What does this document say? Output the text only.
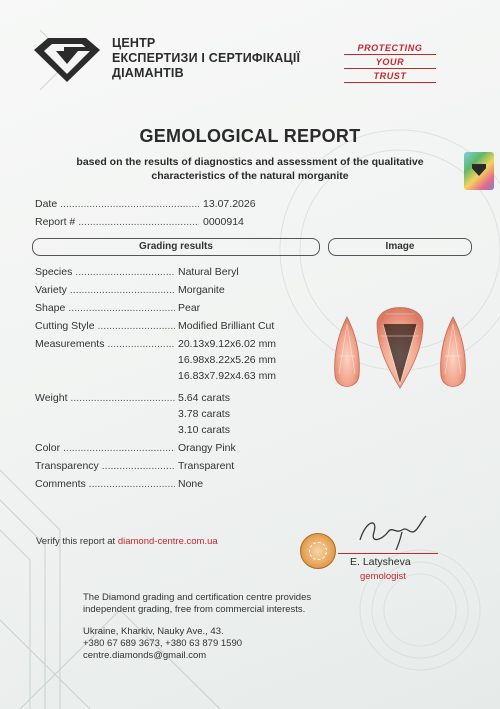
ЦЕНТР
ЕКСПЕРТИЗИ І СЕРТИФІКАЦІЇ
ДІАМАНТІВ
PROTECTING
YOUR
TRUST
GEMOLOGICAL REPORT
based on the results of diagnostics and assessment of the qualitative
characteristics of the natural morganite
Date .....	13.07.2026
Report # .....	0000914
Grading results	Image
Species .....	Natural Beryl
Variety .....	Morganite
Shape .....	Pear
Cutting Style .....	Modified Brilliant Cut
Measurements .....	20.13x9.12x6.02 mm
16.98x8.22x5.26 mm
16.83x7.92x4.63 mm
Weight .....	5.64 carats
3.78 carats
3.10 carats
Color .....	Orangy Pink
Transparency .....	Transparent
Comments .....	None
Verify this report at diamond-centre.com.ua
E. Latysheva
gemologist
The Diamond grading and certification centre provides
independent grading, free from commercial interests.
Ukraine, Kharkiv, Nauky Ave., 43.
+380 67 689 3673, +380 63 879 1590
centre.diamonds@gmail.com
